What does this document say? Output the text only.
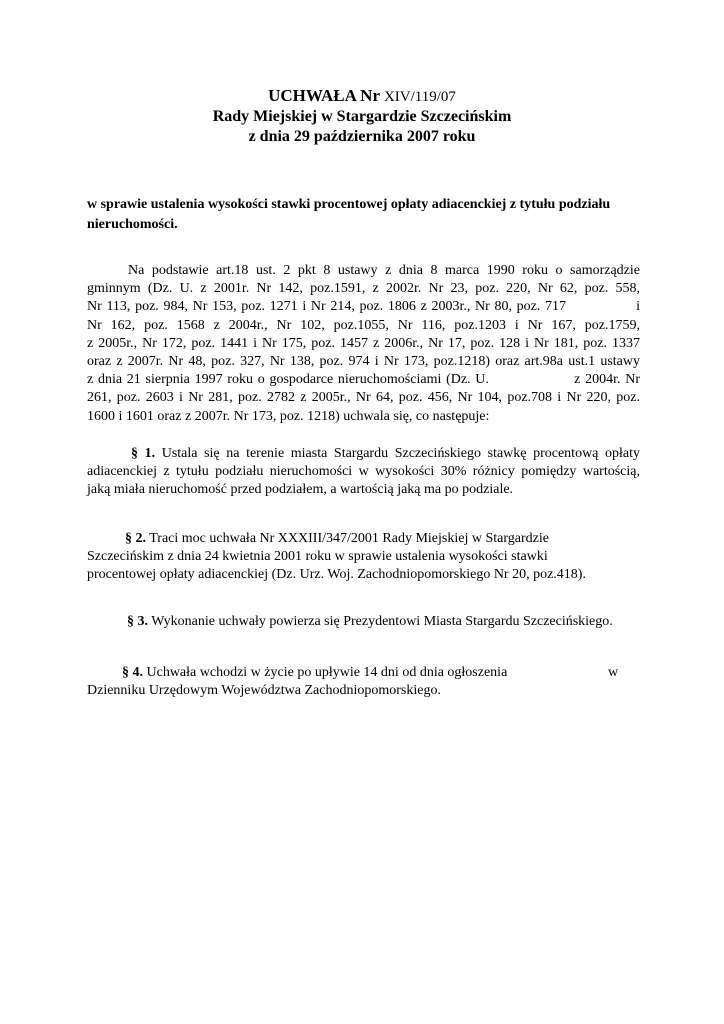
UCHWAŁA Nr XIV/119/07
Rady Miejskiej w Stargardzie Szczecińskim
z dnia 29 października 2007 roku
w sprawie ustalenia wysokości stawki procentowej opłaty adiacenckiej z tytułu podziału
nieruchomości.
Na podstawie art.18 ust. 2 pkt 8 ustawy z dnia 8 marca 1990 roku o samorządzie
gminnym (Dz. U. z 2001r. Nr 142, poz.1591, z 2002r. Nr 23, poz. 220, Nr 62, poz. 558,
Nr 113, poz. 984, Nr 153, poz. 1271 i Nr 214, poz. 1806 z 2003r., Nr 80, poz. 717               i
Nr 162, poz. 1568 z 2004r., Nr 102, poz.1055, Nr 116, poz.1203 i Nr 167, poz.1759,
z 2005r., Nr 172, poz. 1441 i Nr 175, poz. 1457 z 2006r., Nr 17, poz. 128 i Nr 181, poz. 1337
oraz z 2007r. Nr 48, poz. 327, Nr 138, poz. 974 i Nr 173, poz.1218) oraz art.98a ust.1 ustawy
z dnia 21 sierpnia 1997 roku o gospodarce nieruchomościami (Dz. U.                  z 2004r. Nr
261, poz. 2603 i Nr 281, poz. 2782 z 2005r., Nr 64, poz. 456, Nr 104, poz.708 i Nr 220, poz.
1600 i 1601 oraz z 2007r. Nr 173, poz. 1218) uchwala się, co następuje:
§ 1. Ustala się na terenie miasta Stargardu Szczecińskiego stawkę procentową opłaty
adiacenckiej z tytułu podziału nieruchomości w wysokości 30% różnicy pomiędzy wartością,
jaką miała nieruchomość przed podziałem, a wartością jaką ma po podziale.
§ 2. Traci moc uchwała Nr XXXIII/347/2001 Rady Miejskiej w Stargardzie
Szczecińskim z dnia 24 kwietnia 2001 roku w sprawie ustalenia wysokości stawki
procentowej opłaty adiacenckiej (Dz. Urz. Woj. Zachodniopomorskiego Nr 20, poz.418).
§ 3. Wykonanie uchwały powierza się Prezydentowi Miasta Stargardu Szczecińskiego.
§ 4. Uchwała wchodzi w życie po upływie 14 dni od dnia ogłoszenia	w
Dzienniku Urzędowym Województwa Zachodniopomorskiego.
